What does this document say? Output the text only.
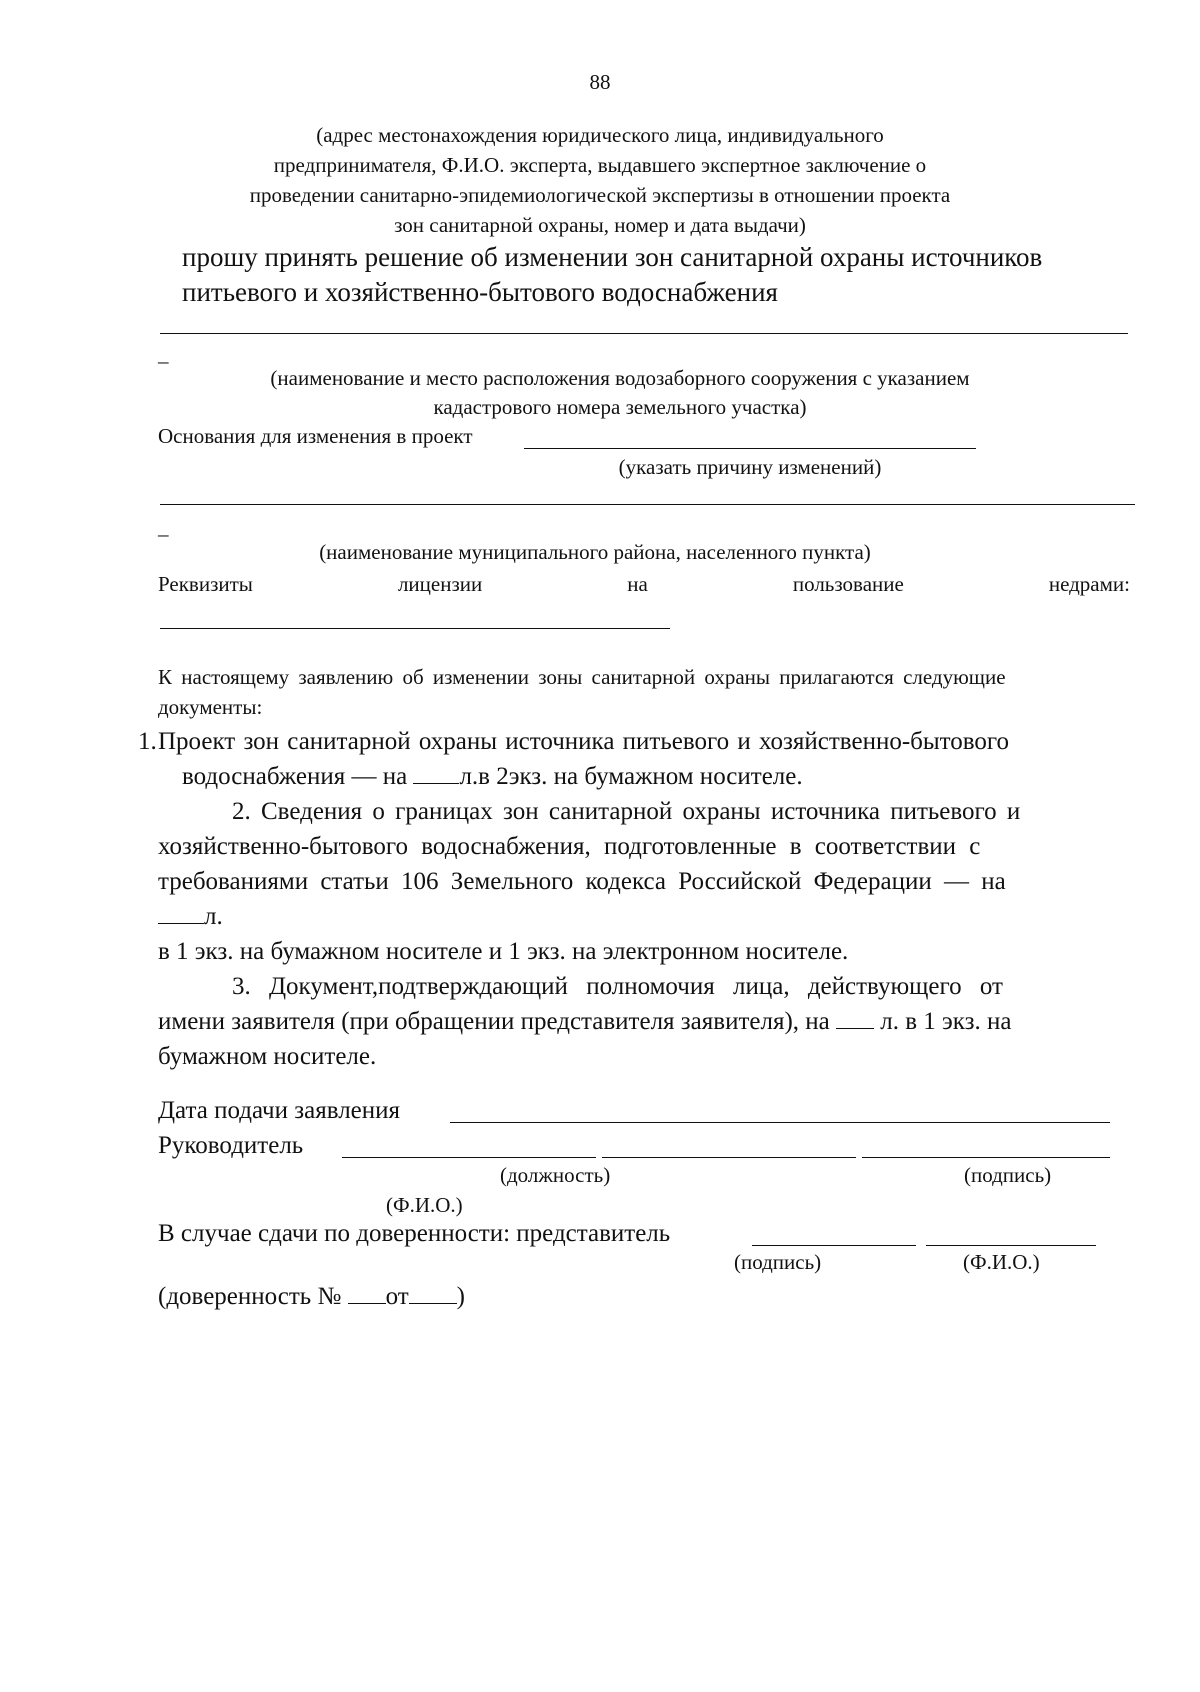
88
(адрес местонахождения юридического лица, индивидуального
предпринимателя, Ф.И.О. эксперта, выдавшего экспертное заключение о
проведении санитарно-эпидемиологической экспертизы в отношении проекта
зон санитарной охраны, номер и дата выдачи)
прошу принять решение об изменении зон санитарной охраны источников
питьевого и хозяйственно-бытового водоснабжения
_
(наименование и место расположения водозаборного сооружения с указанием
кадастрового номера земельного участка)
Основания для изменения в проект
(указать причину изменений)
_
(наименование муниципального района, населенного пункта)
Реквизиты	лицензии	на	пользование	недрами:
К настоящему заявлению об изменении зоны санитарной охраны прилагаются следующие
документы:
1. Проект зон санитарной охраны источника питьевого и хозяйственно-бытового
водоснабжения — на л.в 2экз. на бумажном носителе.
2. Сведения о границах зон санитарной охраны источника питьевого и
хозяйственно-бытового водоснабжения, подготовленные в соответствии с
требованиями статьи 106 Земельного кодекса Российской Федерации — на
л.
в 1 экз. на бумажном носителе и 1 экз. на электронном носителе.
3. Документ,подтверждающий полномочия лица, действующего от
имени заявителя (при обращении представителя заявителя), на л. в 1 экз. на
бумажном носителе.
Дата подачи заявления
Руководитель
(должность)	(подпись)
(Ф.И.О.)
В случае сдачи по доверенности: представитель
(подпись)	(Ф.И.О.)
(доверенность № от )
